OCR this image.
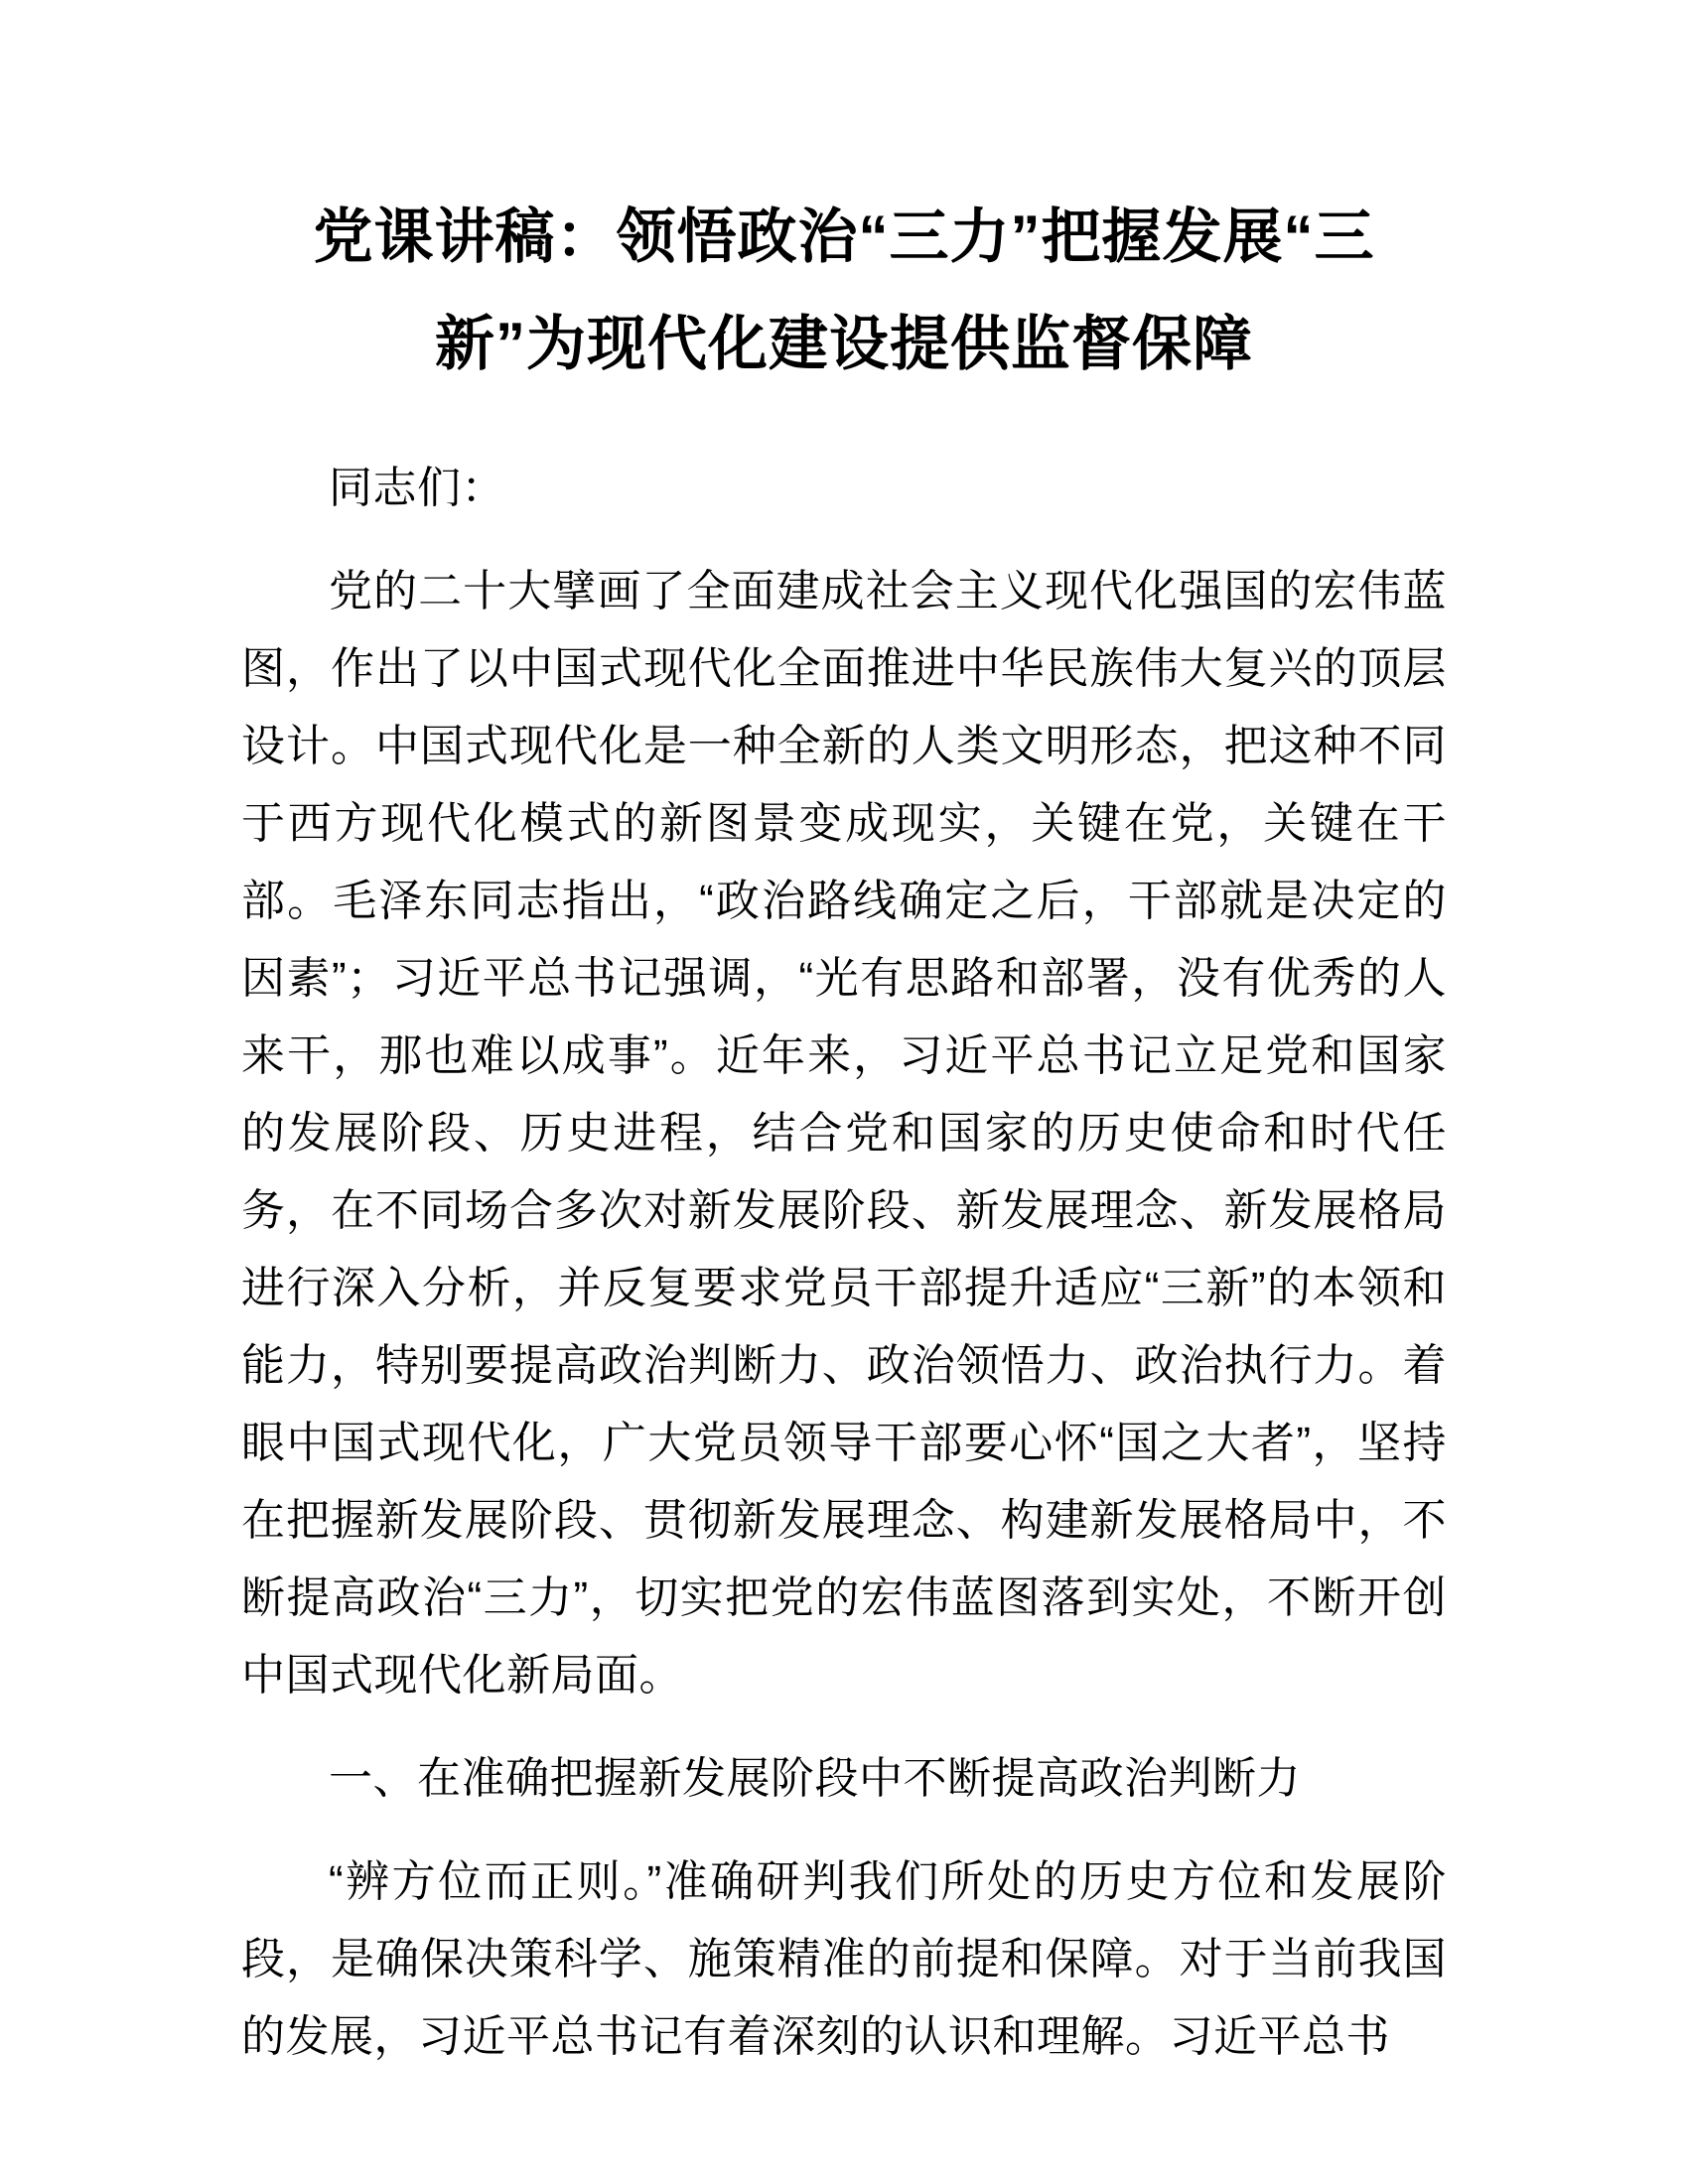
党课讲稿：领悟政治“三力”把握发展“三新”为现代化建设提供监督保障

同志们：

党的二十大擘画了全面建成社会主义现代化强国的宏伟蓝图，作出了以中国式现代化全面推进中华民族伟大复兴的顶层设计。中国式现代化是一种全新的人类文明形态，把这种不同于西方现代化模式的新图景变成现实，关键在党，关键在干部。毛泽东同志指出，“政治路线确定之后，干部就是决定的因素”；习近平总书记强调，“光有思路和部署，没有优秀的人来干，那也难以成事”。近年来，习近平总书记立足党和国家的发展阶段、历史进程，结合党和国家的历史使命和时代任务，在不同场合多次对新发展阶段、新发展理念、新发展格局进行深入分析，并反复要求党员干部提升适应“三新”的本领和能力，特别要提高政治判断力、政治领悟力、政治执行力。着眼中国式现代化，广大党员领导干部要心怀“国之大者”，坚持在把握新发展阶段、贯彻新发展理念、构建新发展格局中，不断提高政治“三力”，切实把党的宏伟蓝图落到实处，不断开创中国式现代化新局面。

一、在准确把握新发展阶段中不断提高政治判断力

“辨方位而正则。”准确研判我们所处的历史方位和发展阶段，是确保决策科学、施策精准的前提和保障。对于当前我国的发展，习近平总书记有着深刻的认识和理解。习近平总书
